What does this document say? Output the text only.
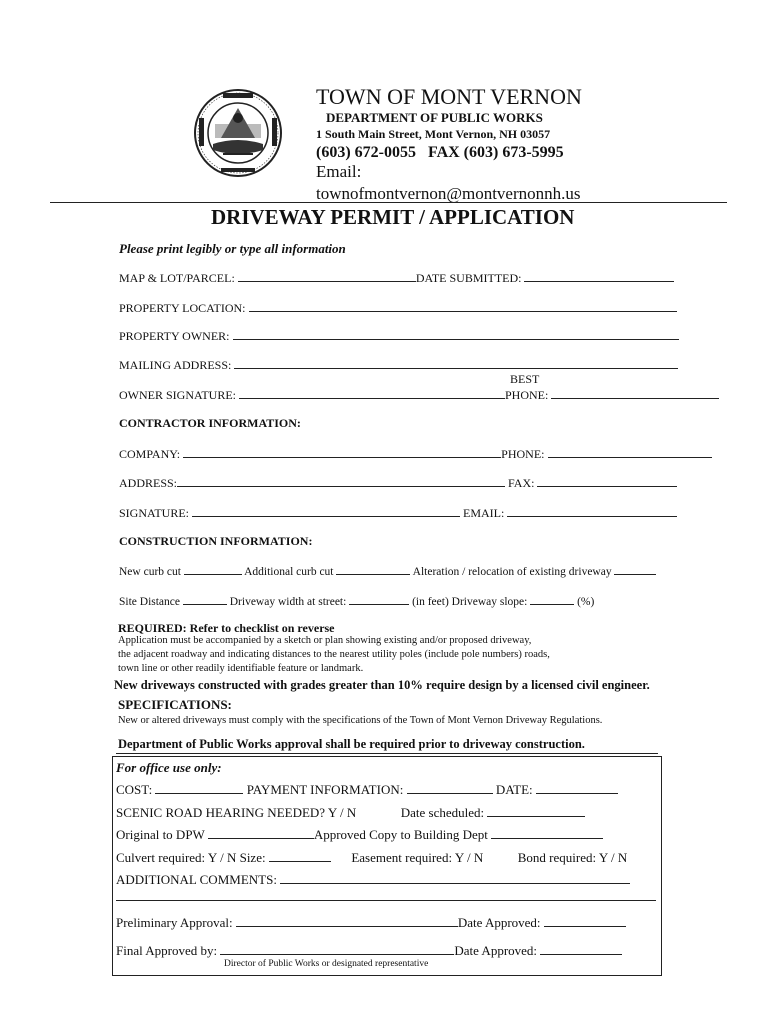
TOWN OF MONT VERNON
DEPARTMENT OF PUBLIC WORKS
1 South Main Street, Mont Vernon, NH 03057
(603) 672-0055 FAX (603) 673-5995
Email:
townofmontvernon@montvernonnh.us
DRIVEWAY PERMIT / APPLICATION
Please print legibly or type all information
MAP & LOT/PARCEL:	DATE SUBMITTED:
PROPERTY LOCATION:
PROPERTY OWNER:
MAILING ADDRESS:
BEST
OWNER SIGNATURE:	PHONE:
CONTRACTOR INFORMATION:
COMPANY:	PHONE:
ADDRESS:	FAX:
SIGNATURE:	EMAIL:
CONSTRUCTION INFORMATION:
New curb cut	Additional curb cut	Alteration / relocation of existing driveway
Site Distance	Driveway width at street:	(in feet) Driveway slope:	(%)
REQUIRED: Refer to checklist on reverse
Application must be accompanied by a sketch or plan showing existing and/or proposed driveway,
the adjacent roadway and indicating distances to the nearest utility poles (include pole numbers) roads,
town line or other readily identifiable feature or landmark.
New driveways constructed with grades greater than 10% require design by a licensed civil engineer.
SPECIFICATIONS:
New or altered driveways must comply with the specifications of the Town of Mont Vernon Driveway Regulations.
Department of Public Works approval shall be required prior to driveway construction.
For office use only:
COST:	PAYMENT INFORMATION:	DATE:
SCENIC ROAD HEARING NEEDED? Y / N	Date scheduled:
Original to DPW	Approved Copy to Building Dept
Culvert required: Y / N Size:	Easement required: Y / N	Bond required: Y / N
ADDITIONAL COMMENTS:
Preliminary Approval:	Date Approved:
Final Approved by:	Date Approved:
Director of Public Works or designated representative
